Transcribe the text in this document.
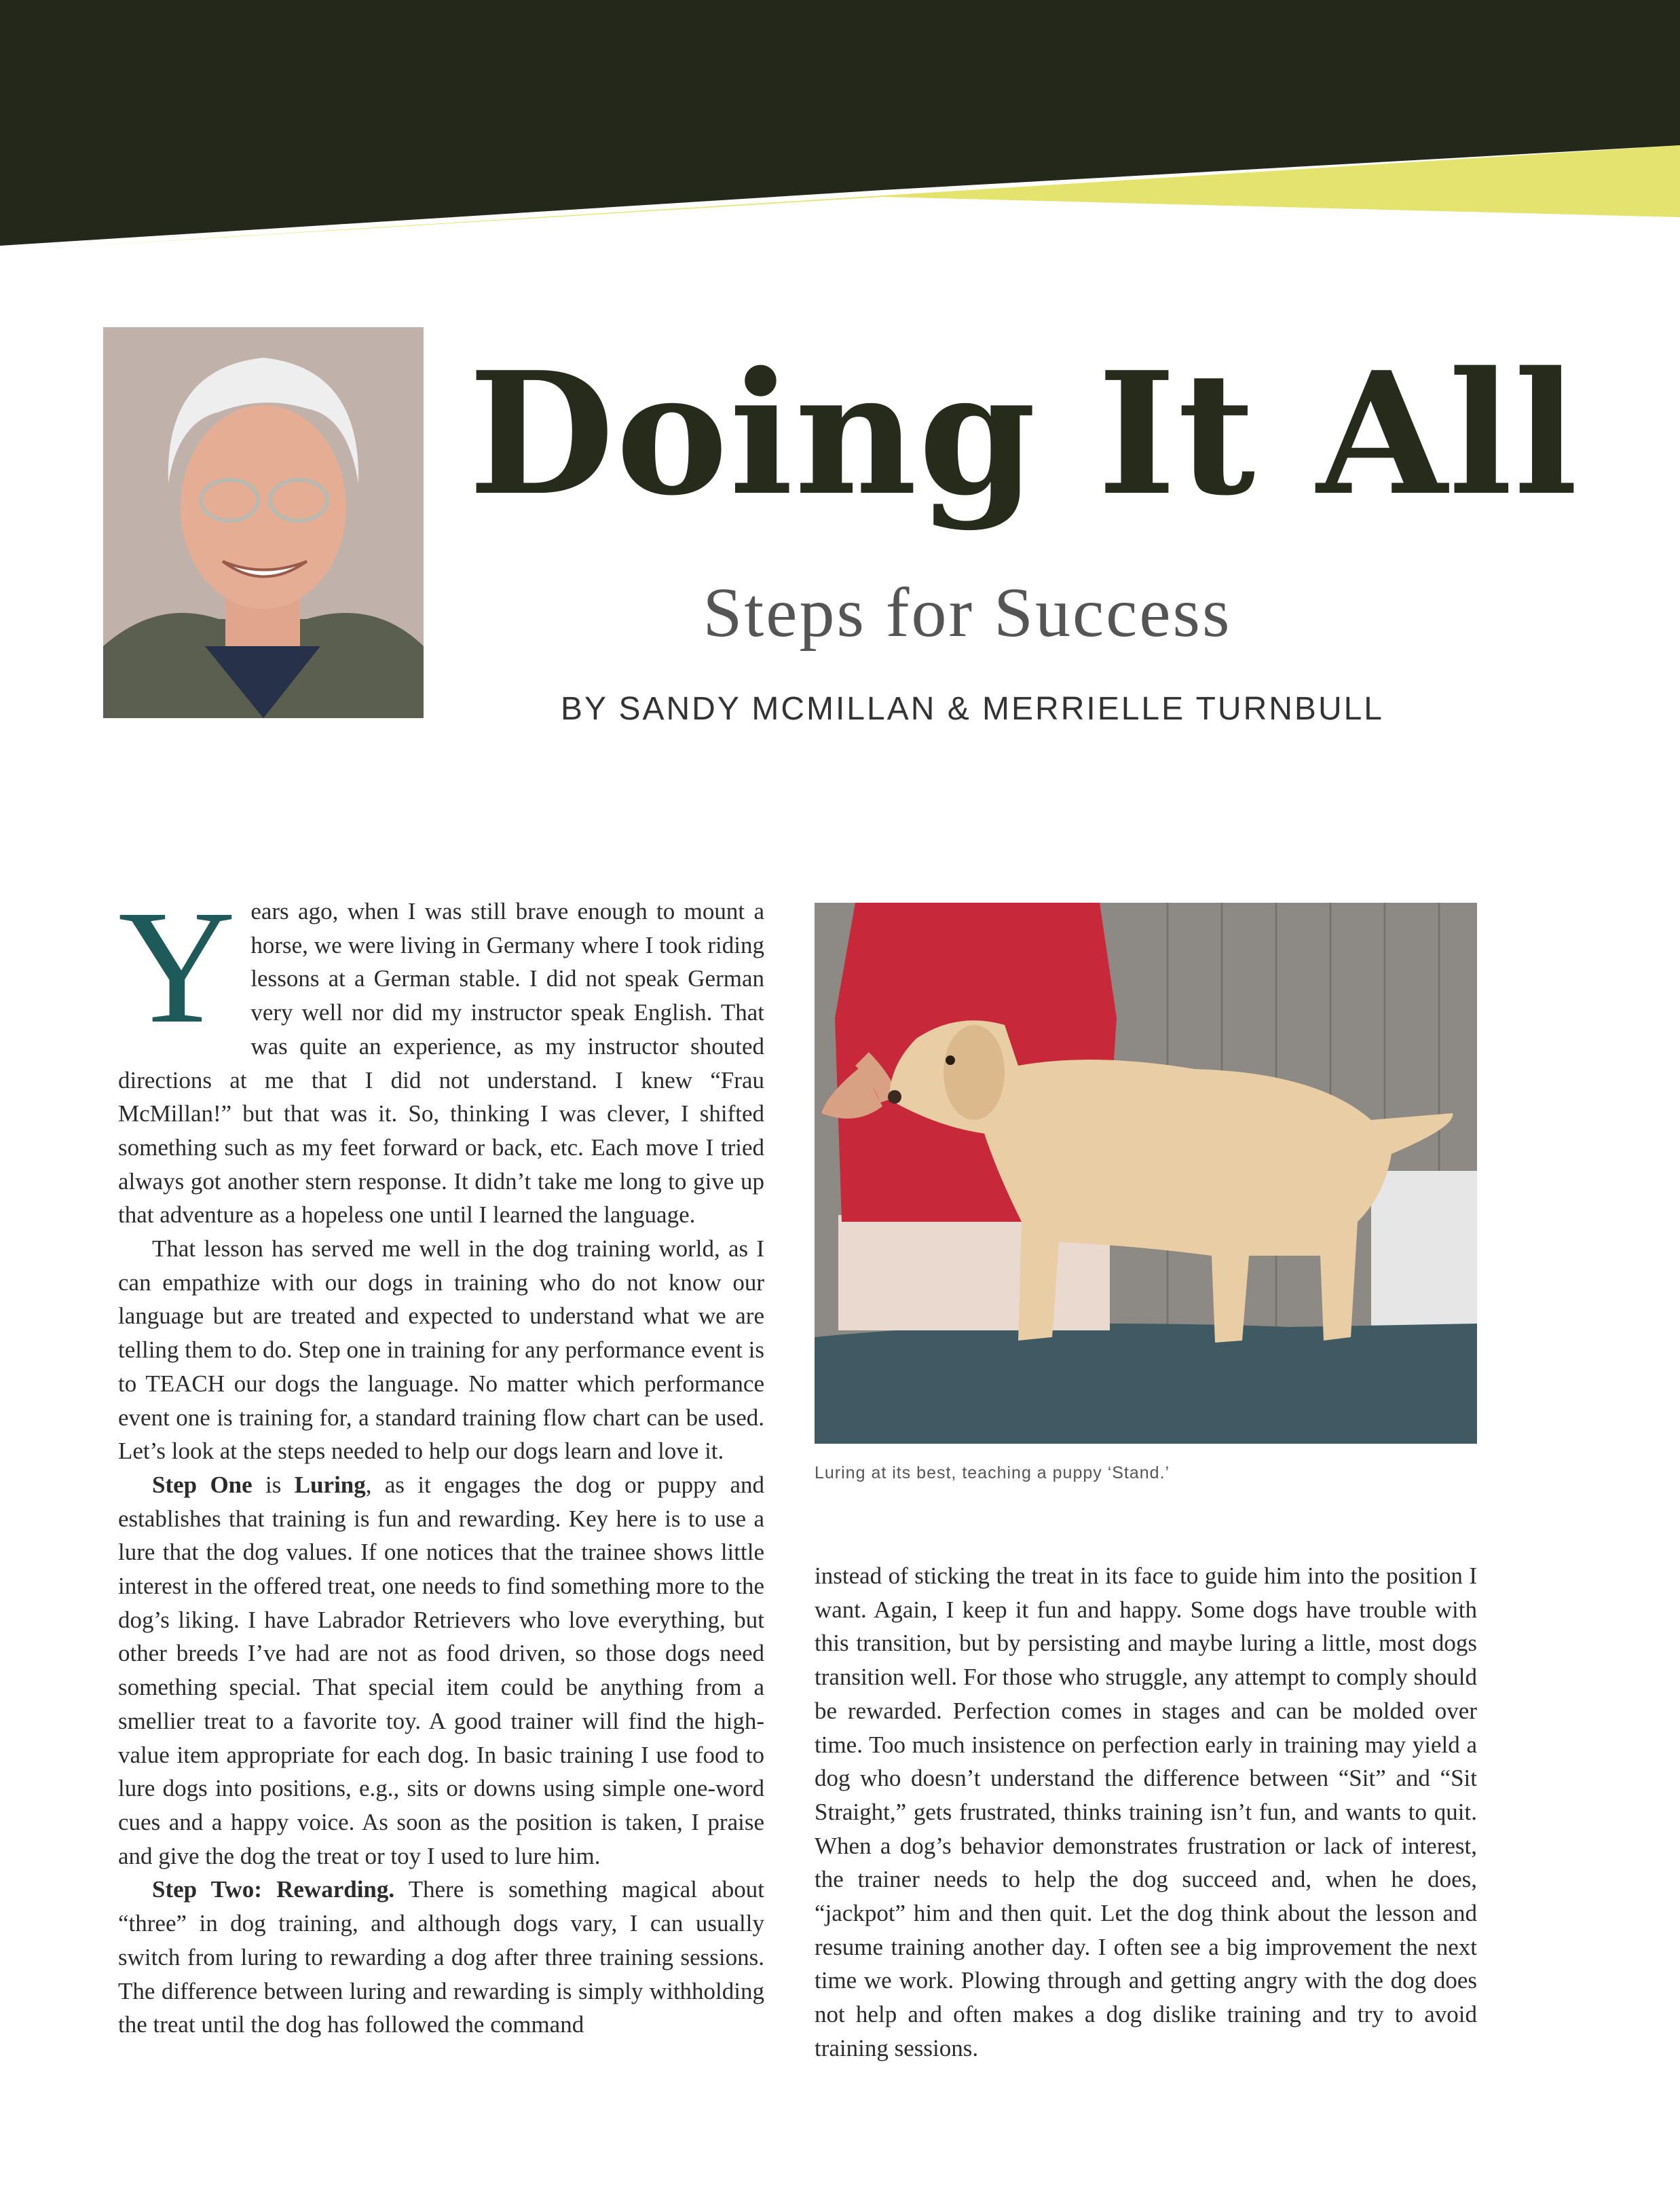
Doing It All
Steps for Success
BY SANDY MCMILLAN & MERRIELLE TURNBULL

Years ago, when I was still brave enough to mount a horse, we were living in Germany where I took riding lessons at a German stable. I did not speak German very well nor did my instructor speak English. That was quite an experience, as my instructor shouted directions at me that I did not understand. I knew “Frau McMillan!” but that was it. So, thinking I was clever, I shifted something such as my feet forward or back, etc. Each move I tried always got another stern response. It didn’t take me long to give up that adventure as a hopeless one until I learned the language.

That lesson has served me well in the dog training world, as I can empathize with our dogs in training who do not know our language but are treated and expected to understand what we are telling them to do. Step one in training for any performance event is to TEACH our dogs the language. No matter which performance event one is training for, a standard training flow chart can be used. Let’s look at the steps needed to help our dogs learn and love it.

Step One is Luring, as it engages the dog or puppy and establishes that training is fun and rewarding. Key here is to use a lure that the dog values. If one notices that the trainee shows little interest in the offered treat, one needs to find something more to the dog’s liking. I have Labrador Retrievers who love everything, but other breeds I’ve had are not as food driven, so those dogs need something special. That special item could be anything from a smellier treat to a favorite toy. A good trainer will find the high-value item appropriate for each dog. In basic training I use food to lure dogs into positions, e.g., sits or downs using simple one-word cues and a happy voice. As soon as the position is taken, I praise and give the dog the treat or toy I used to lure him.

Step Two: Rewarding. There is something magical about “three” in dog training, and although dogs vary, I can usually switch from luring to rewarding a dog after three training sessions. The difference between luring and rewarding is simply withholding the treat until the dog has followed the command

Luring at its best, teaching a puppy ‘Stand.’

instead of sticking the treat in its face to guide him into the position I want. Again, I keep it fun and happy. Some dogs have trouble with this transition, but by persisting and maybe luring a little, most dogs transition well. For those who struggle, any attempt to comply should be rewarded. Perfection comes in stages and can be molded over time. Too much insistence on perfection early in training may yield a dog who doesn’t understand the difference between “Sit” and “Sit Straight,” gets frustrated, thinks training isn’t fun, and wants to quit. When a dog’s behavior demonstrates frustration or lack of interest, the trainer needs to help the dog succeed and, when he does, “jackpot” him and then quit. Let the dog think about the lesson and resume training another day. I often see a big improvement the next time we work. Plowing through and getting angry with the dog does not help and often makes a dog dislike training and try to avoid training sessions.
